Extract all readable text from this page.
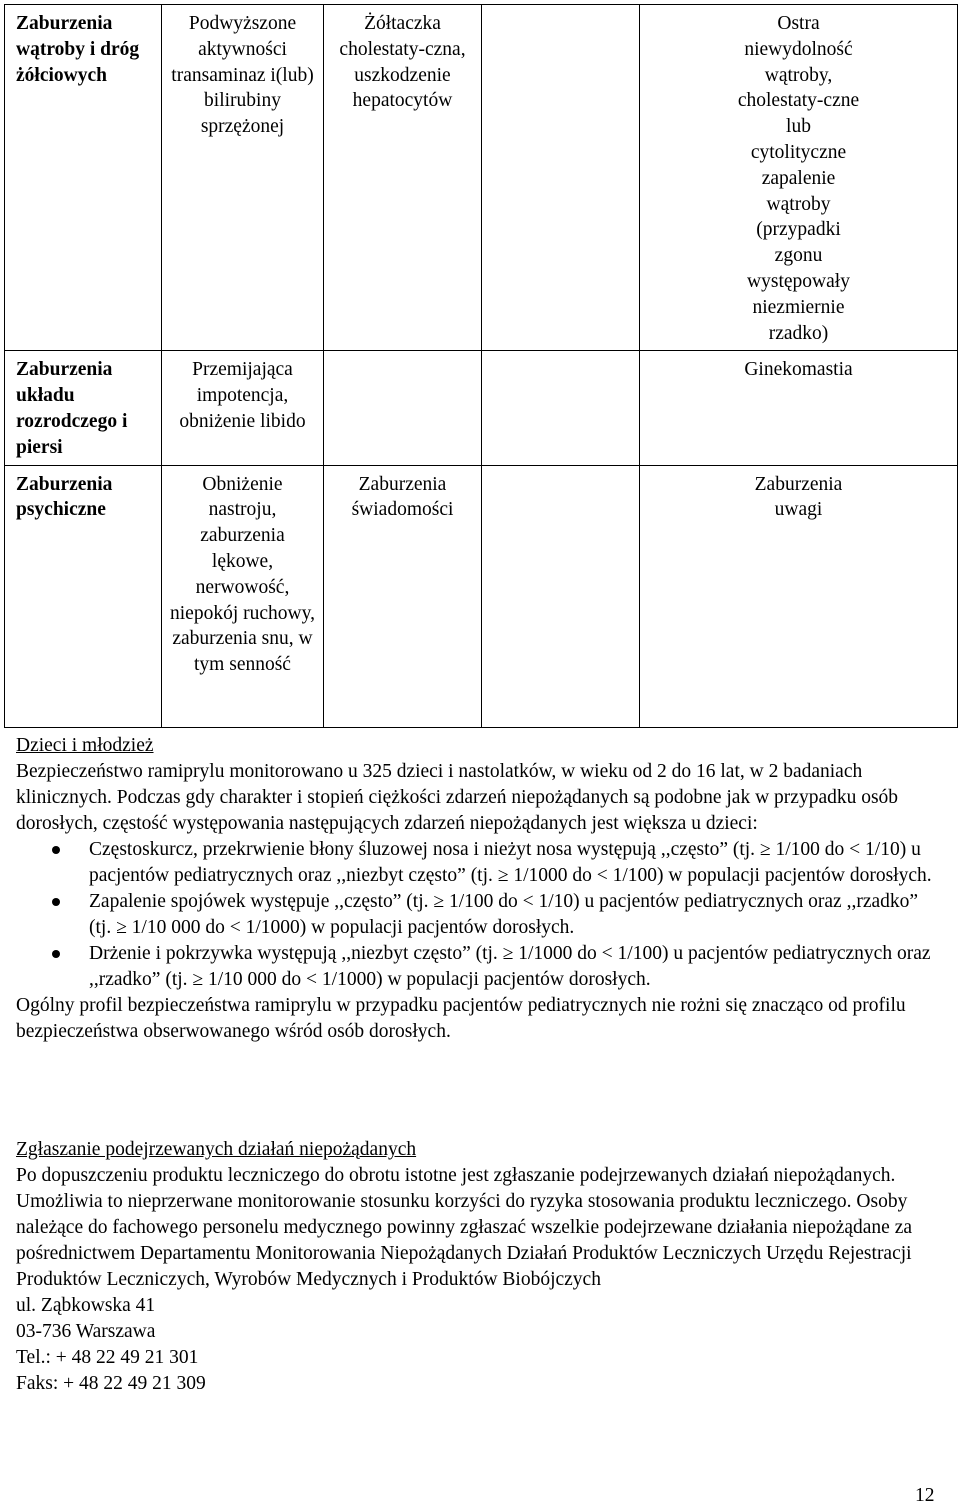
Zaburzenia wątroby i dróg żółciowych	Podwyższone aktywności transaminaz i(lub) bilirubiny sprzężonej	Żółtaczka cholestaty-czna, uszkodzenie hepatocytów		Ostra niewydolność wątroby, cholestaty-czne lub cytolityczne zapalenie wątroby (przypadki zgonu występowały niezmiernie rzadko)

Zaburzenia układu rozrodczego i piersi	Przemijająca impotencja, obniżenie libido			Ginekomastia

Zaburzenia psychiczne	Obniżenie nastroju, zaburzenia lękowe, nerwowość, niepokój ruchowy, zaburzenia snu, w tym senność	Zaburzenia świadomości		Zaburzenia uwagi

Dzieci i młodzież

Bezpieczeństwo ramiprylu monitorowano u 325 dzieci i nastolatków, w wieku od 2 do 16 lat, w 2 badaniach klinicznych. Podczas gdy charakter i stopień ciężkości zdarzeń niepożądanych są podobne jak w przypadku osób dorosłych, częstość występowania następujących zdarzeń niepożądanych jest większa u dzieci:

Częstoskurcz, przekrwienie błony śluzowej nosa i nieżyt nosa występują ,,często” (tj. ≥ 1/100 do < 1/10) u pacjentów pediatrycznych oraz ,,niezbyt często” (tj. ≥ 1/1000 do < 1/100) w populacji pacjentów dorosłych.
Zapalenie spojówek występuje ,,często” (tj. ≥ 1/100 do < 1/10) u pacjentów pediatrycznych oraz ,,rzadko” (tj. ≥ 1/10 000 do < 1/1000) w populacji pacjentów dorosłych.
Drżenie i pokrzywka występują ,,niezbyt często” (tj. ≥ 1/1000 do < 1/100) u pacjentów pediatrycznych oraz ,,rzadko” (tj. ≥ 1/10 000 do < 1/1000) w populacji pacjentów dorosłych.

Ogólny profil bezpieczeństwa ramiprylu w przypadku pacjentów pediatrycznych nie rożni się znacząco od profilu bezpieczeństwa obserwowanego wśród osób dorosłych.

Zgłaszanie podejrzewanych działań niepożądanych

Po dopuszczeniu produktu leczniczego do obrotu istotne jest zgłaszanie podejrzewanych działań niepożądanych. Umożliwia to nieprzerwane monitorowanie stosunku korzyści do ryzyka stosowania produktu leczniczego. Osoby należące do fachowego personelu medycznego powinny zgłaszać wszelkie podejrzewane działania niepożądane za pośrednictwem Departamentu Monitorowania Niepożądanych Działań Produktów Leczniczych Urzędu Rejestracji Produktów Leczniczych, Wyrobów Medycznych i Produktów Biobójczych

ul. Ząbkowska 41

03-736 Warszawa

Tel.: + 48 22 49 21 301

Faks: + 48 22 49 21 309

12
